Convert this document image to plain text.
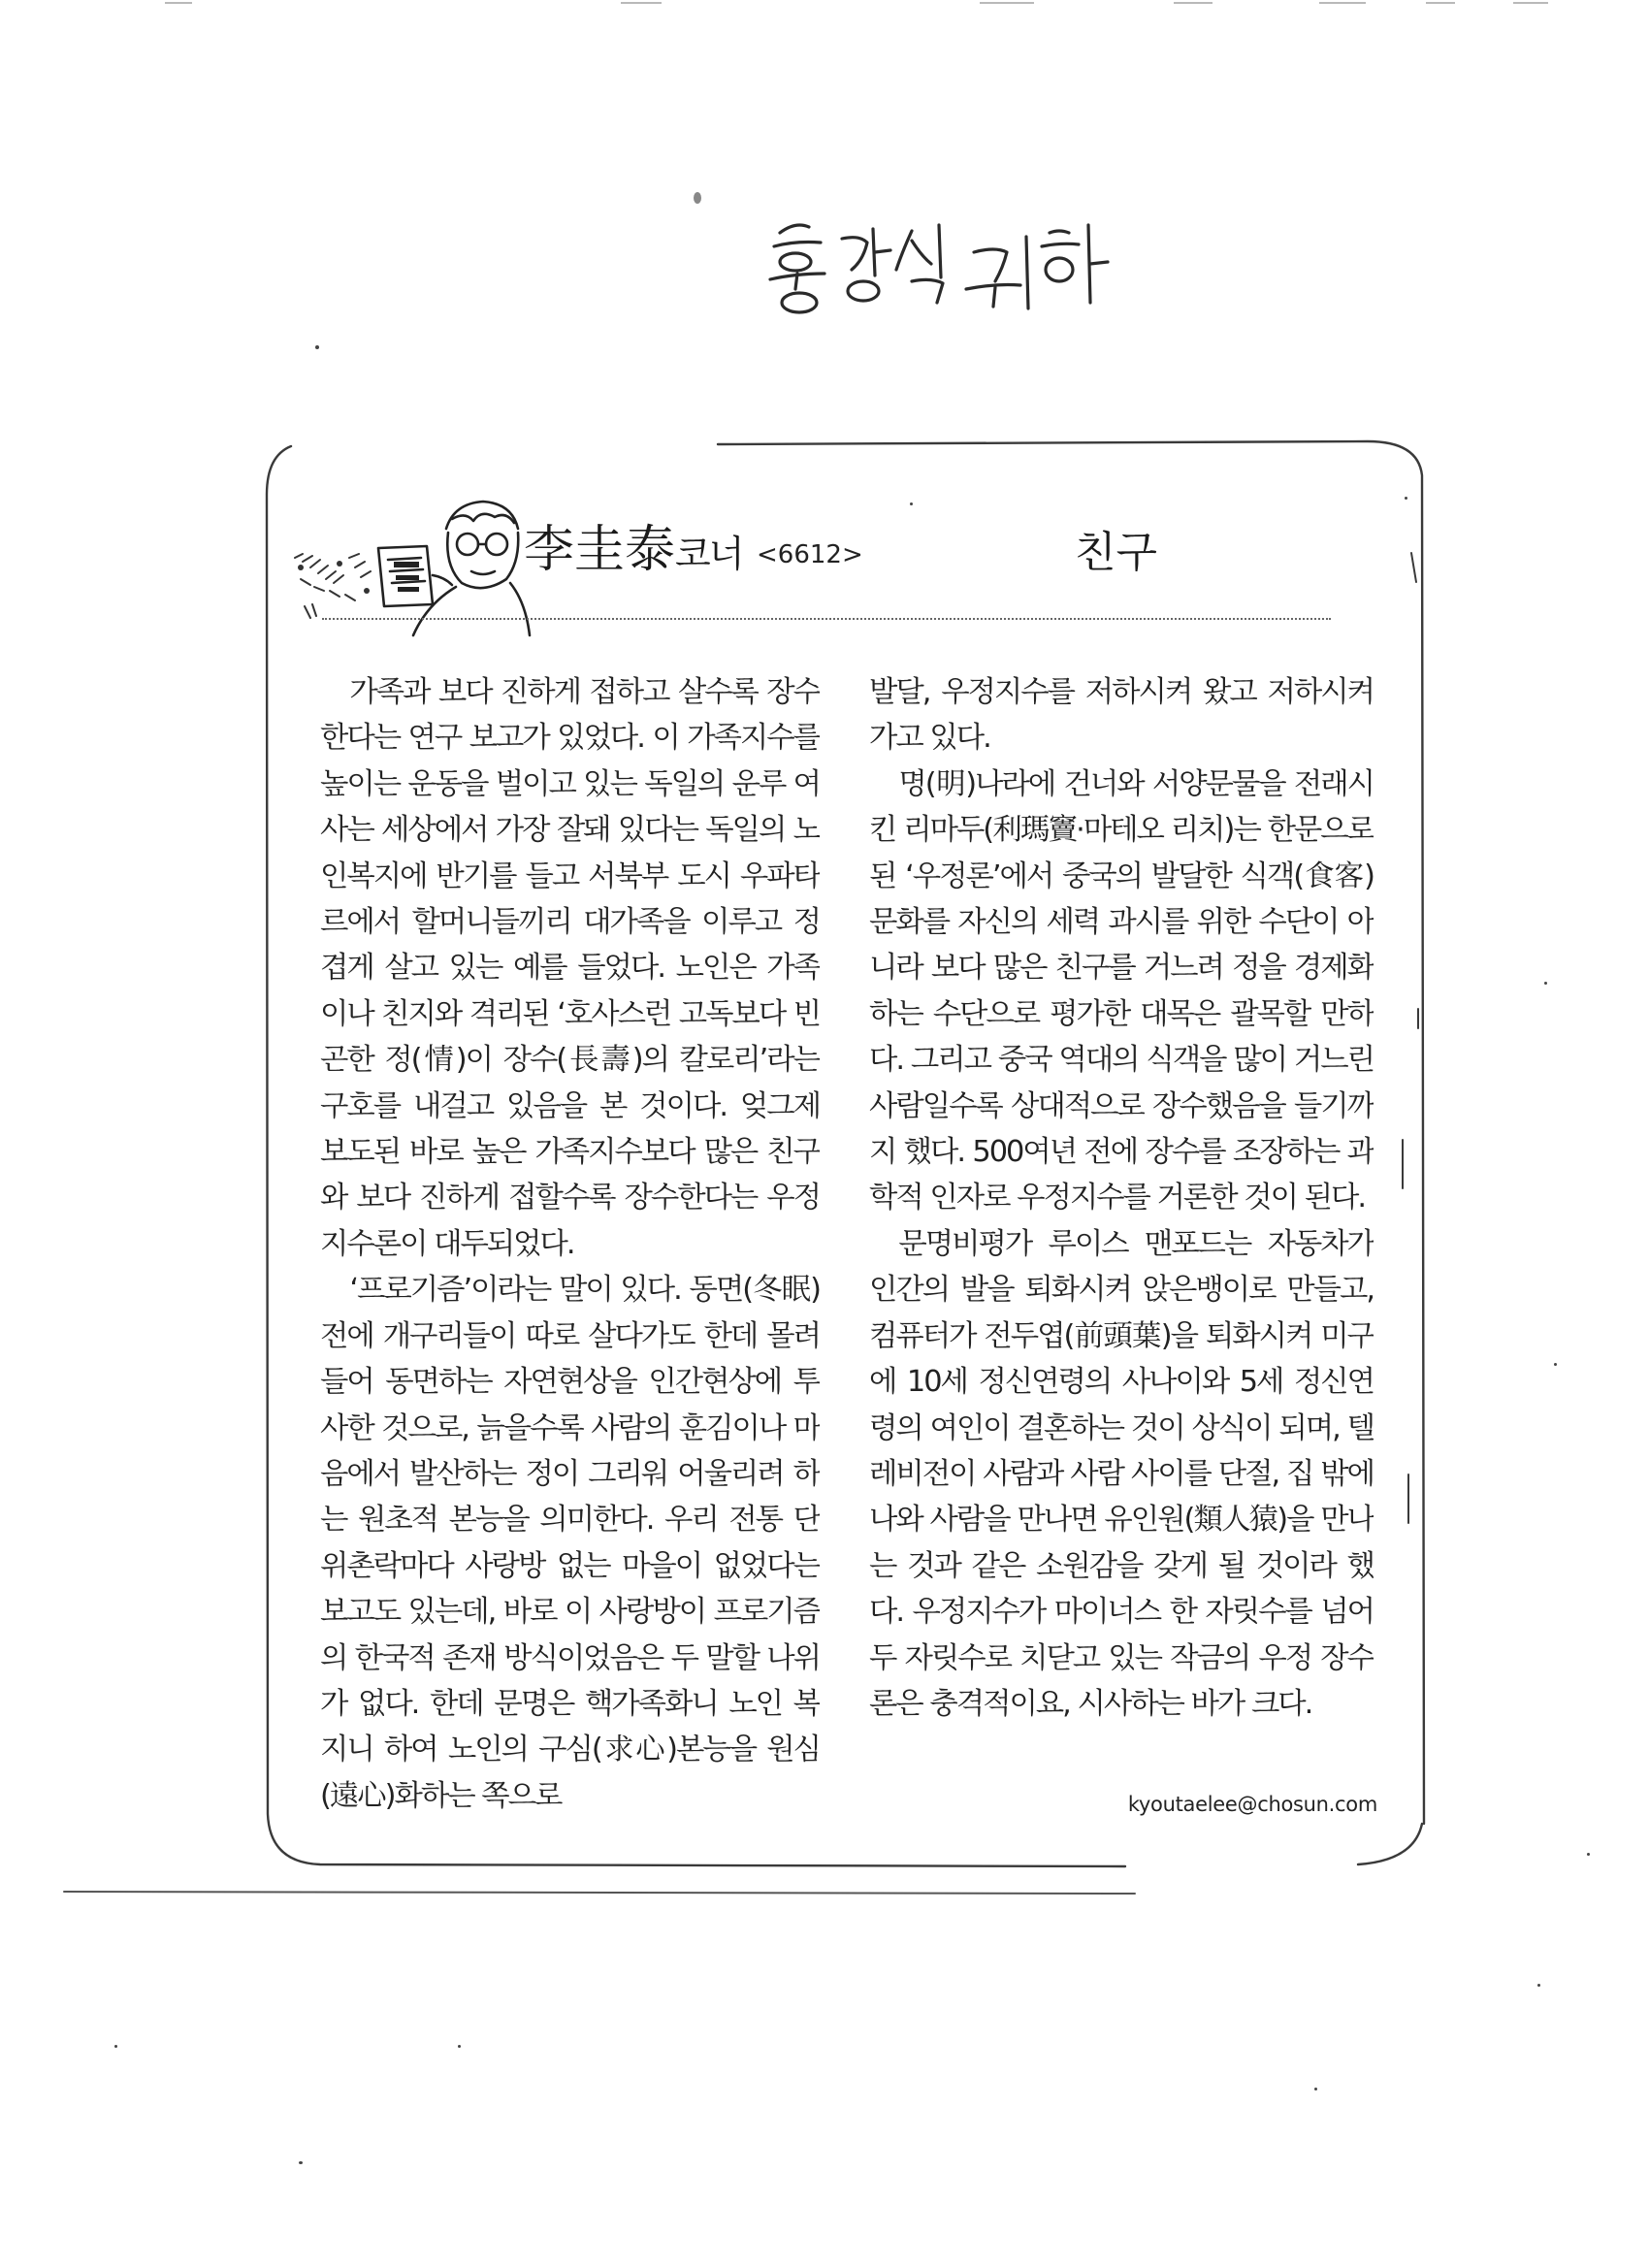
李圭泰코너 <6612>	친구

가족과 보다 진하게 접하고 살수록 장수한다는 연구 보고가 있었다. 이 가족지수를 높이는 운동을 벌이고 있는 독일의 운루 여사는 세상에서 가장 잘돼 있다는 독일의 노인복지에 반기를 들고 서북부 도시 우파타르에서 할머니들끼리 대가족을 이루고 정겹게 살고 있는 예를 들었다. 노인은 가족이나 친지와 격리된 ‘호사스런 고독보다 빈곤한 정(情)이 장수(長壽)의 칼로리’라는 구호를 내걸고 있음을 본 것이다. 엊그제 보도된 바로 높은 가족지수보다 많은 친구와 보다 진하게 접할수록 장수한다는 우정지수론이 대두되었다.

‘프로기즘’이라는 말이 있다. 동면(冬眠) 전에 개구리들이 따로 살다가도 한데 몰려들어 동면하는 자연현상을 인간현상에 투사한 것으로, 늙을수록 사람의 훈김이나 마음에서 발산하는 정이 그리워 어울리려 하는 원초적 본능을 의미한다. 우리 전통 단위촌락마다 사랑방 없는 마을이 없었다는 보고도 있는데, 바로 이 사랑방이 프로기즘의 한국적 존재 방식이었음은 두 말할 나위가 없다. 한데 문명은 핵가족화니 노인 복지니 하여 노인의 구심(求心)본능을 원심(遠心)화하는 쪽으로

발달, 우정지수를 저하시켜 왔고 저하시켜 가고 있다.

명(明)나라에 건너와 서양문물을 전래시킨 리마두(利瑪竇·마테오 리치)는 한문으로 된 ‘우정론’에서 중국의 발달한 식객(食客)문화를 자신의 세력 과시를 위한 수단이 아니라 보다 많은 친구를 거느려 정을 경제화하는 수단으로 평가한 대목은 괄목할 만하다. 그리고 중국 역대의 식객을 많이 거느린 사람일수록 상대적으로 장수했음을 들기까지 했다. 500여년 전에 장수를 조장하는 과학적 인자로 우정지수를 거론한 것이 된다.

문명비평가 루이스 맨포드는 자동차가 인간의 발을 퇴화시켜 앉은뱅이로 만들고, 컴퓨터가 전두엽(前頭葉)을 퇴화시켜 미구에 10세 정신연령의 사나이와 5세 정신연령의 여인이 결혼하는 것이 상식이 되며, 텔레비전이 사람과 사람 사이를 단절, 집 밖에 나와 사람을 만나면 유인원(類人猿)을 만나는 것과 같은 소원감을 갖게 될 것이라 했다. 우정지수가 마이너스 한 자릿수를 넘어 두 자릿수로 치닫고 있는 작금의 우정 장수론은 충격적이요, 시사하는 바가 크다.

kyoutaelee@chosun.com
